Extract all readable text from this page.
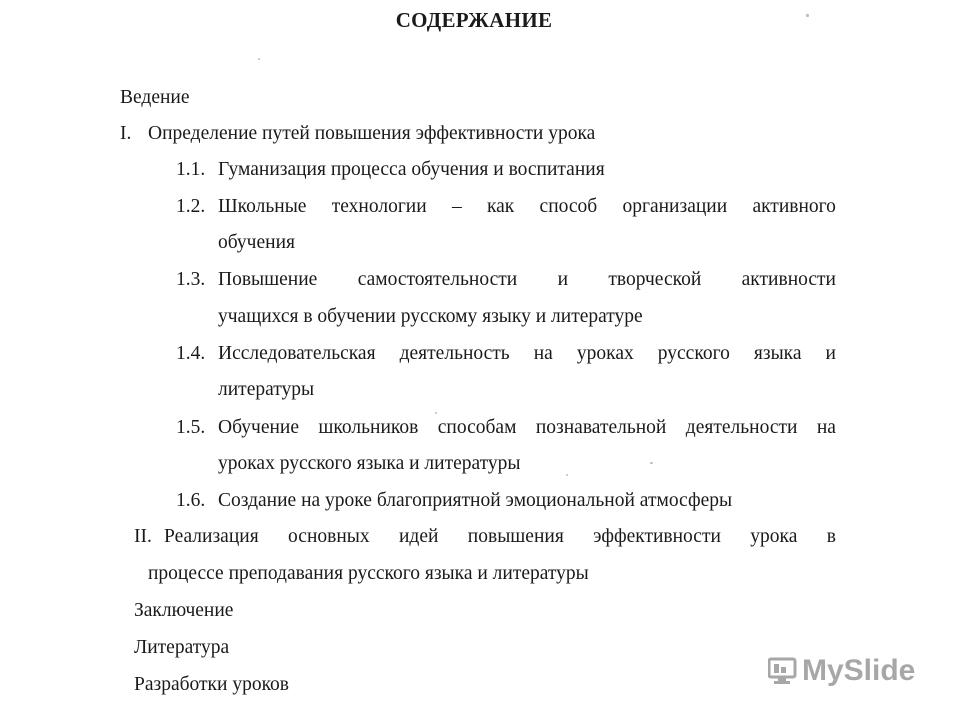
СОДЕРЖАНИЕ
Ведение
I. Определение путей повышения эффективности урока
1.1. Гуманизация процесса обучения и воспитания
1.2. Школьные технологии – как способ организации активного
обучения
1.3. Повышение самостоятельности и творческой активности
учащихся в обучении русскому языку и литературе
1.4. Исследовательская деятельность на уроках русского языка и
литературы
1.5. Обучение школьников способам познавательной деятельности на
уроках русского языка и литературы
1.6. Создание на уроке благоприятной эмоциональной атмосферы
II. Реализация основных идей повышения эффективности урока в
процессе преподавания русского языка и литературы
Заключение
Литература
Разработки уроков	MySlide
